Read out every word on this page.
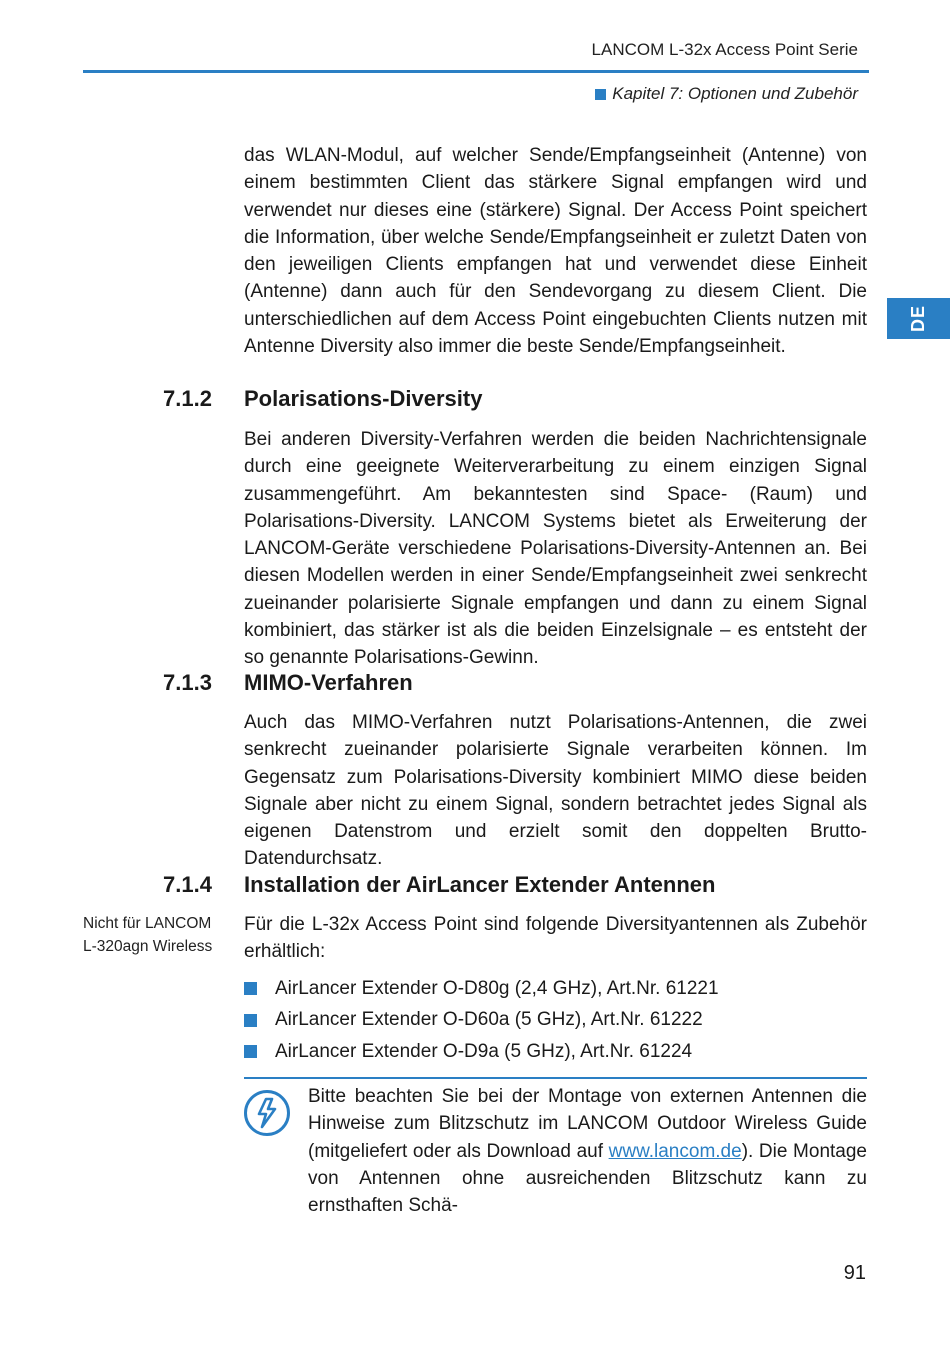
LANCOM L-32x Access Point Serie
Kapitel 7: Optionen und Zubehör
DE

das WLAN-Modul, auf welcher Sende/Empfangseinheit (Antenne) von einem bestimmten Client das stärkere Signal empfangen wird und verwendet nur dieses eine (stärkere) Signal. Der Access Point speichert die Information, über welche Sende/Empfangseinheit er zuletzt Daten von den jeweiligen Clients empfangen hat und verwendet diese Einheit (Antenne) dann auch für den Sendevorgang zu diesem Client. Die unterschiedlichen auf dem Access Point eingebuchten Clients nutzen mit Antenne Diversity also immer die beste Sende/Empfangseinheit.

7.1.2 Polarisations-Diversity

Bei anderen Diversity-Verfahren werden die beiden Nachrichtensignale durch eine geeignete Weiterverarbeitung zu einem einzigen Signal zusammengeführt. Am bekanntesten sind Space- (Raum) und Polarisations-Diversity. LANCOM Systems bietet als Erweiterung der LANCOM-Geräte verschiedene Polarisations-Diversity-Antennen an. Bei diesen Modellen werden in einer Sende/Empfangseinheit zwei senkrecht zueinander polarisierte Signale empfangen und dann zu einem Signal kombiniert, das stärker ist als die beiden Einzelsignale – es entsteht der so genannte Polarisations-Gewinn.

7.1.3 MIMO-Verfahren

Auch das MIMO-Verfahren nutzt Polarisations-Antennen, die zwei senkrecht zueinander polarisierte Signale verarbeiten können. Im Gegensatz zum Polarisations-Diversity kombiniert MIMO diese beiden Signale aber nicht zu einem Signal, sondern betrachtet jedes Signal als eigenen Datenstrom und erzielt somit den doppelten Brutto-Datendurchsatz.

7.1.4 Installation der AirLancer Extender Antennen
Nicht für LANCOM
L-320agn Wireless

Für die L-32x Access Point sind folgende Diversityantennen als Zubehör erhältlich:

AirLancer Extender O-D80g (2,4 GHz), Art.Nr. 61221
AirLancer Extender O-D60a (5 GHz), Art.Nr. 61222
AirLancer Extender O-D9a (5 GHz), Art.Nr. 61224
Bitte beachten Sie bei der Montage von externen Antennen die Hinweise zum Blitzschutz im LANCOM Outdoor Wireless Guide (mitgeliefert oder als Download auf www.lancom.de). Die Montage von Antennen ohne ausreichenden Blitzschutz kann zu ernsthaften Schä-
91
